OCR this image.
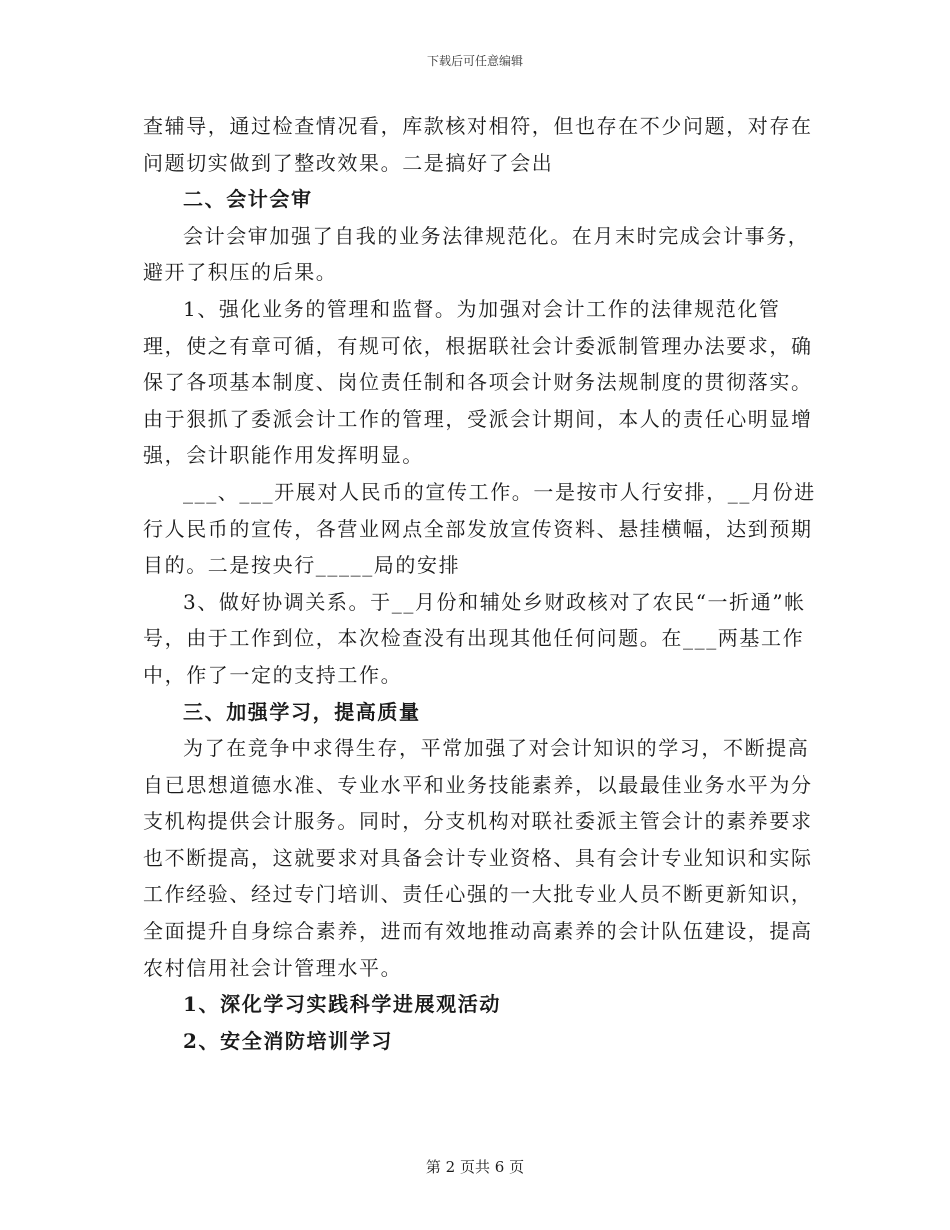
下载后可任意编辑

查辅导，通过检查情况看，库款核对相符，但也存在不少问题，对存在问题切实做到了整改效果。二是搞好了会出

二、会计会审

会计会审加强了自我的业务法律规范化。在月末时完成会计事务，避开了积压的后果。

1、强化业务的管理和监督。为加强对会计工作的法律规范化管理，使之有章可循，有规可依，根据联社会计委派制管理办法要求，确保了各项基本制度、岗位责任制和各项会计财务法规制度的贯彻落实。由于狠抓了委派会计工作的管理，受派会计期间，本人的责任心明显增强，会计职能作用发挥明显。

___、___开展对人民币的宣传工作。一是按市人行安排，__月份进行人民币的宣传，各营业网点全部发放宣传资料、悬挂横幅，达到预期目的。二是按央行_____局的安排

3、做好协调关系。于__月份和辅处乡财政核对了农民“一折通”帐号，由于工作到位，本次检查没有出现其他任何问题。在___两基工作中，作了一定的支持工作。

三、加强学习，提高质量

为了在竞争中求得生存，平常加强了对会计知识的学习，不断提高自已思想道德水准、专业水平和业务技能素养，以最最佳业务水平为分支机构提供会计服务。同时，分支机构对联社委派主管会计的素养要求也不断提高，这就要求对具备会计专业资格、具有会计专业知识和实际工作经验、经过专门培训、责任心强的一大批专业人员不断更新知识，全面提升自身综合素养，进而有效地推动高素养的会计队伍建设，提高农村信用社会计管理水平。

1、深化学习实践科学进展观活动

2、安全消防培训学习

第 2 页共 6 页
